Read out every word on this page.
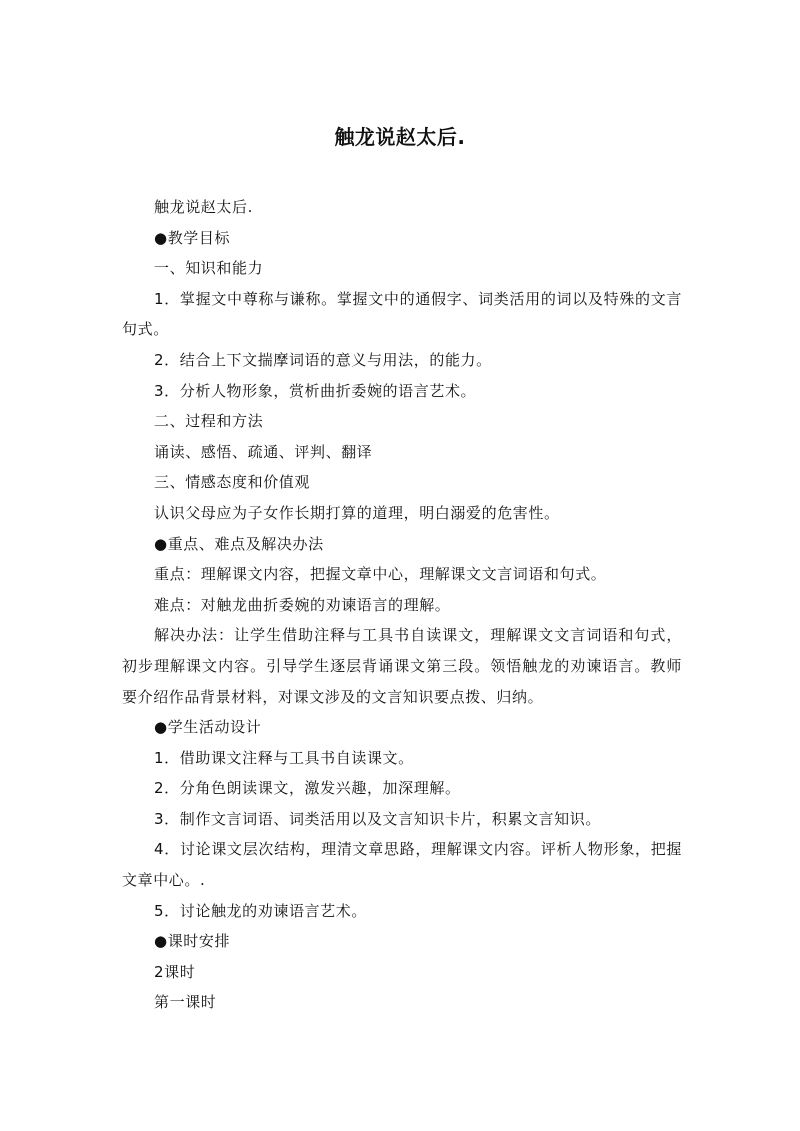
触龙说赵太后.

触龙说赵太后.

●教学目标

一、知识和能力

1．掌握文中尊称与谦称。掌握文中的通假字、词类活用的词以及特殊的文言句式。

2．结合上下文揣摩词语的意义与用法，的能力。

3．分析人物形象，赏析曲折委婉的语言艺术。

二、过程和方法

诵读、感悟、疏通、评判、翻译

三、情感态度和价值观

认识父母应为子女作长期打算的道理，明白溺爱的危害性。

●重点、难点及解决办法

重点：理解课文内容，把握文章中心，理解课文文言词语和句式。

难点：对触龙曲折委婉的劝谏语言的理解。

解决办法：让学生借助注释与工具书自读课文，理解课文文言词语和句式，初步理解课文内容。引导学生逐层背诵课文第三段。领悟触龙的劝谏语言。教师要介绍作品背景材料，对课文涉及的文言知识要点拨、归纳。

●学生活动设计

1．借助课文注释与工具书自读课文。

2．分角色朗读课文，激发兴趣，加深理解。

3．制作文言词语、词类活用以及文言知识卡片，积累文言知识。

4．讨论课文层次结构，理清文章思路，理解课文内容。评析人物形象，把握文章中心。.

5．讨论触龙的劝谏语言艺术。

●课时安排

2课时

第一课时
